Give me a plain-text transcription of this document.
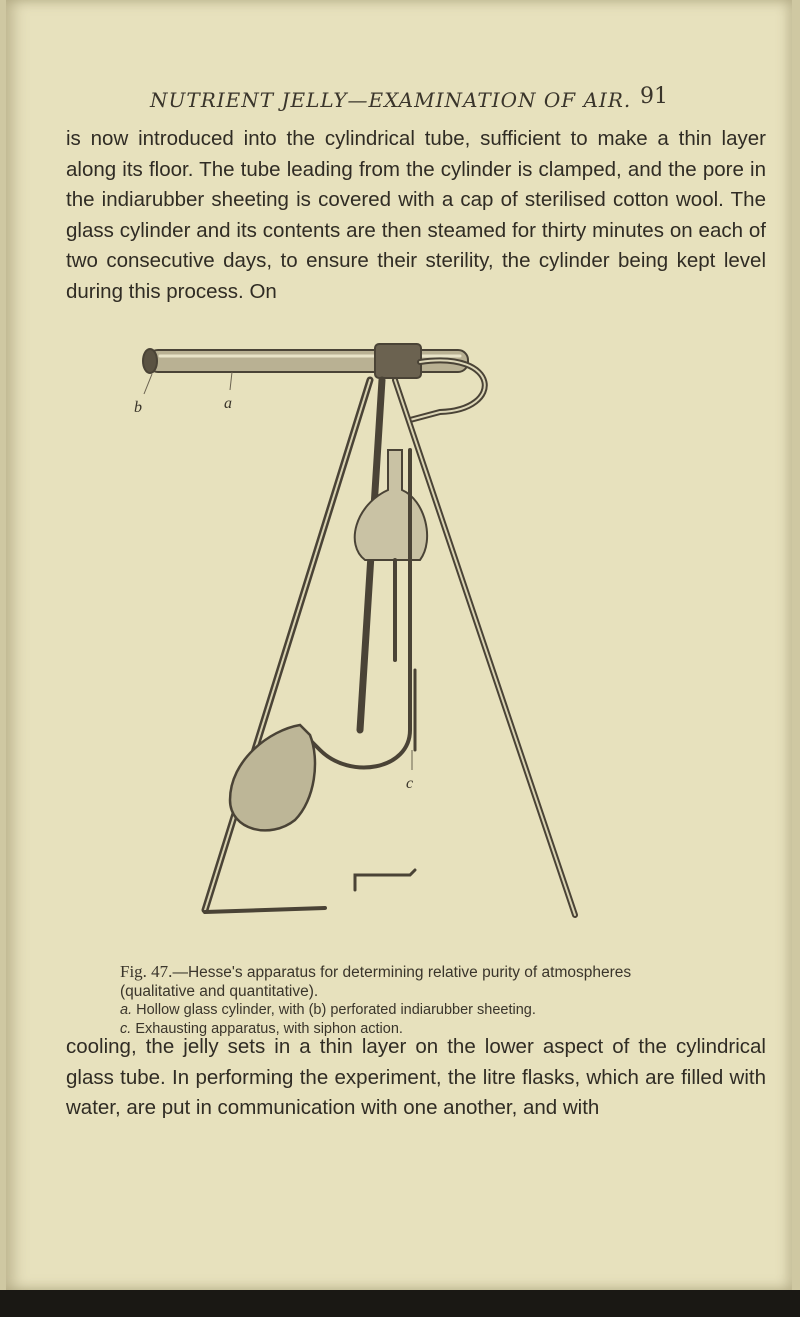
NUTRIENT JELLY—EXAMINATION OF AIR. 91

is now introduced into the cylindrical tube, sufficient to make a thin layer along its floor. The tube leading from the cylinder is clamped, and the pore in the indiarubber sheeting is covered with a cap of sterilised cotton wool. The glass cylinder and its contents are then steamed for thirty minutes on each of two consecutive days, to ensure their sterility, the cylinder being kept level during this process. On

b	a
c

Fig. 47.—Hesse's apparatus for determining relative purity of atmospheres (qualitative and quantitative).

a. Hollow glass cylinder, with (b) perforated indiarubber sheeting.

c. Exhausting apparatus, with siphon action.

cooling, the jelly sets in a thin layer on the lower aspect of the cylindrical glass tube. In performing the experiment, the litre flasks, which are filled with water, are put in communication with one another, and with
